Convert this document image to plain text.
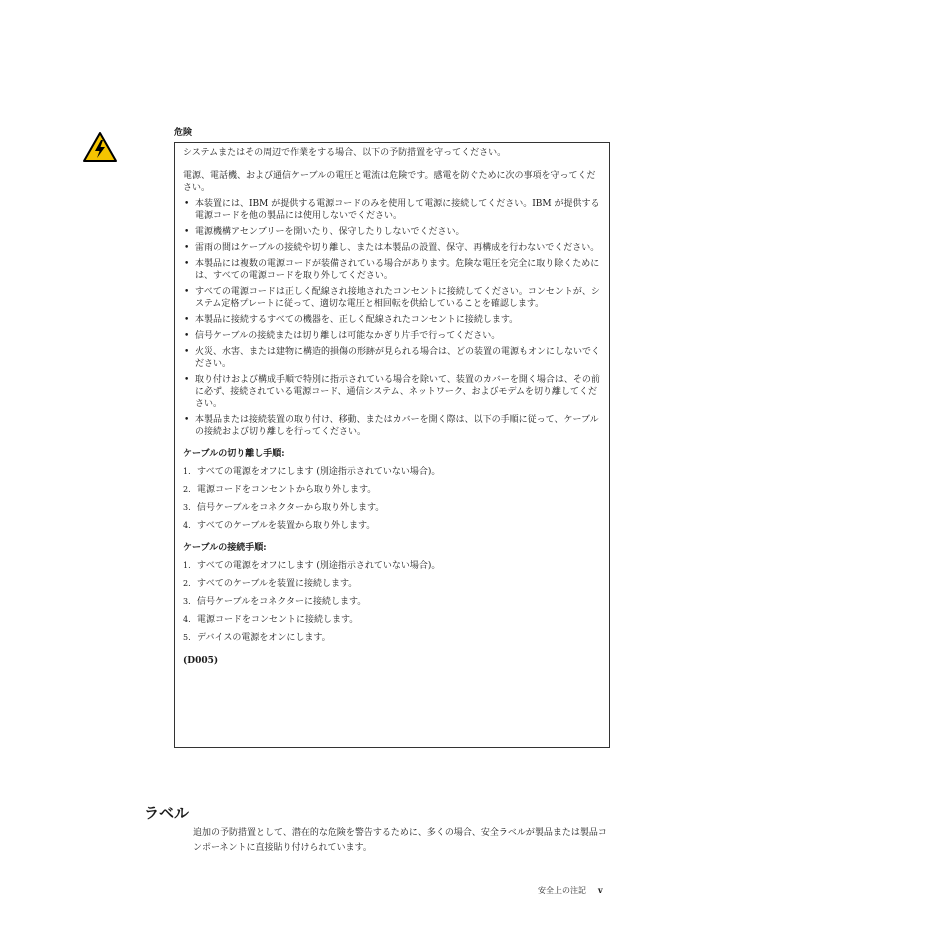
危険

システムまたはその周辺で作業をする場合、以下の予防措置を守ってください。

電源、電話機、および通信ケーブルの電圧と電流は危険です。感電を防ぐために次の事項を守ってください。

• 本装置には、IBM が提供する電源コードのみを使用して電源に接続してください。IBM が提供する電源コードを他の製品には使用しないでください。
• 電源機構アセンブリーを開いたり、保守したりしないでください。
• 雷雨の間はケーブルの接続や切り離し、または本製品の設置、保守、再構成を行わないでください。
• 本製品には複数の電源コードが装備されている場合があります。危険な電圧を完全に取り除くためには、すべての電源コードを取り外してください。
• すべての電源コードは正しく配線され接地されたコンセントに接続してください。コンセントが、システム定格プレートに従って、適切な電圧と相回転を供給していることを確認します。
• 本製品に接続するすべての機器を、正しく配線されたコンセントに接続します。
• 信号ケーブルの接続または切り離しは可能なかぎり片手で行ってください。
• 火災、水害、または建物に構造的損傷の形跡が見られる場合は、どの装置の電源もオンにしないでください。
• 取り付けおよび構成手順で特別に指示されている場合を除いて、装置のカバーを開く場合は、その前に必ず、接続されている電源コード、通信システム、ネットワーク、およびモデムを切り離してください。
• 本製品または接続装置の取り付け、移動、またはカバーを開く際は、以下の手順に従って、ケーブルの接続および切り離しを行ってください。

ケーブルの切り離し手順:

1. すべての電源をオフにします (別途指示されていない場合)。
2. 電源コードをコンセントから取り外します。
3. 信号ケーブルをコネクターから取り外します。
4. すべてのケーブルを装置から取り外します。

ケーブルの接続手順:

1. すべての電源をオフにします (別途指示されていない場合)。
2. すべてのケーブルを装置に接続します。
3. 信号ケーブルをコネクターに接続します。
4. 電源コードをコンセントに接続します。
5. デバイスの電源をオンにします。

(D005)

ラベル
追加の予防措置として、潜在的な危険を警告するために、多くの場合、安全ラベルが製品または製品コンポーネントに直接貼り付けられています。
安全上の注記 v
